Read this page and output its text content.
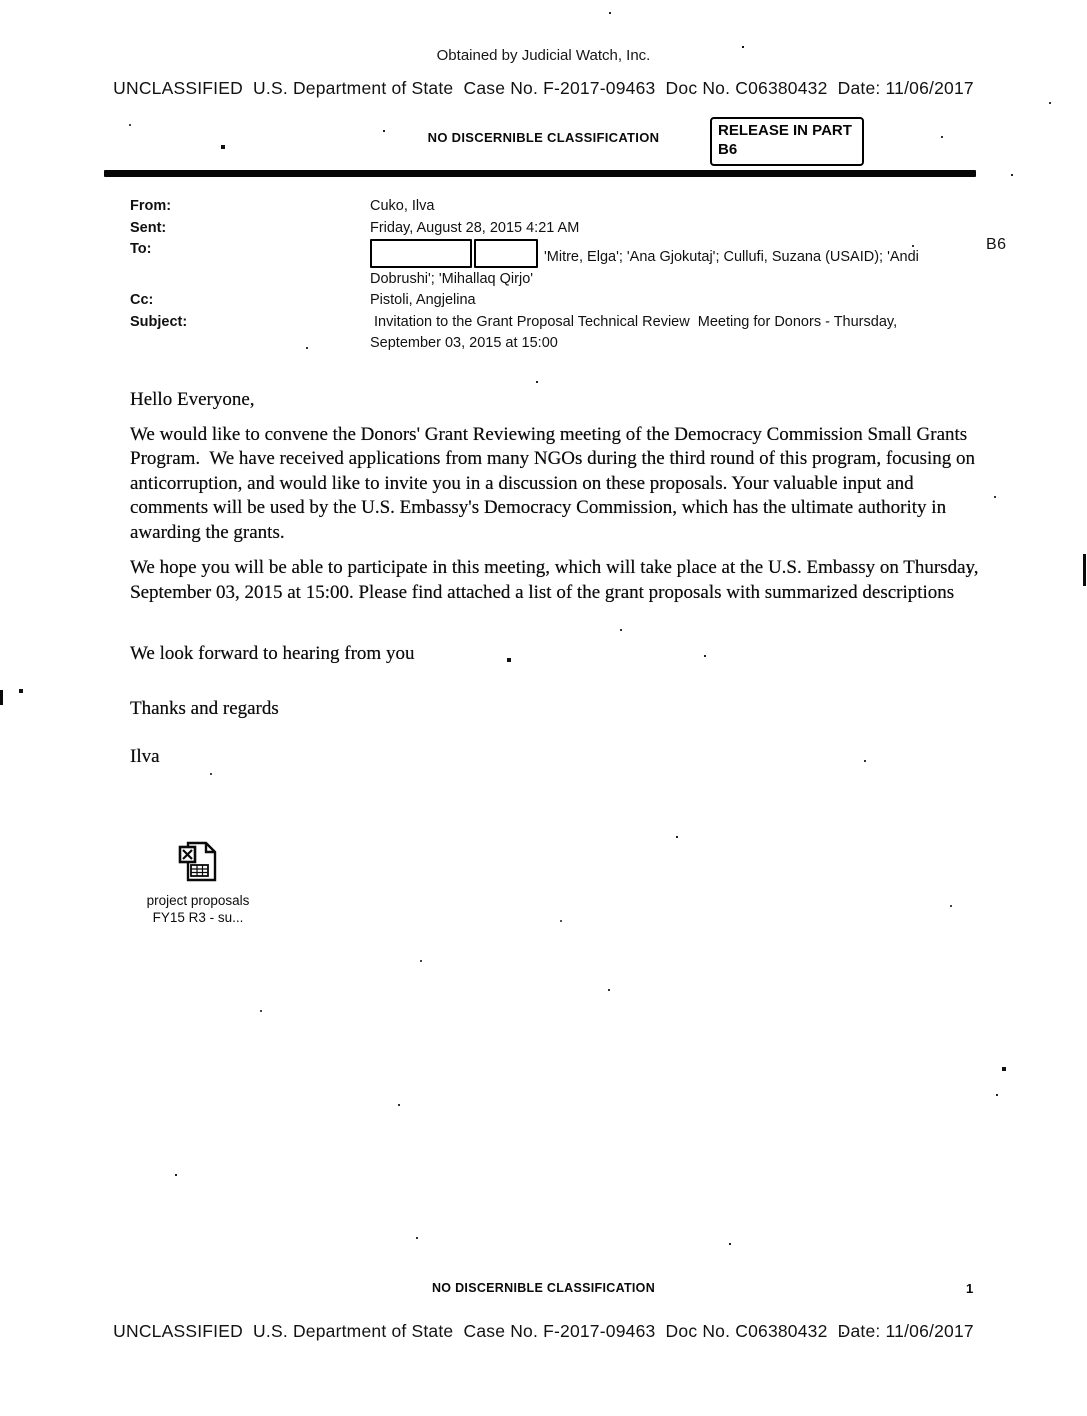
Obtained by Judicial Watch, Inc.
UNCLASSIFIED  U.S. Department of State  Case No. F-2017-09463  Doc No. C06380432  Date: 11/06/2017
NO DISCERNIBLE CLASSIFICATION	RELEASE IN PART
B6
From:	Cuko, Ilva
Sent:	Friday, August 28, 2015 4:21 AM
To:	'Mitre, Elga'; 'Ana Gjokutaj'; Cullufi, Suzana (USAID); 'Andi
Dobrushi'; 'Mihallaq Qirjo'
Cc:	Pistoli, Angjelina
Subject:	Invitation to the Grant Proposal Technical Review  Meeting for Donors - Thursday,
September 03, 2015 at 15:00
B6

Hello Everyone,

We would like to convene the Donors' Grant Reviewing meeting of the Democracy Commission Small Grants Program.  We have received applications from many NGOs during the third round of this program, focusing on anticorruption, and would like to invite you in a discussion on these proposals. Your valuable input and comments will be used by the U.S. Embassy's Democracy Commission, which has the ultimate authority in awarding the grants.

We hope you will be able to participate in this meeting, which will take place at the U.S. Embassy on Thursday, September 03, 2015 at 15:00. Please find attached a list of the grant proposals with summarized descriptions

We look forward to hearing from you

Thanks and regards

Ilva

project proposals
FY15 R3 - su...
NO DISCERNIBLE CLASSIFICATION	1
UNCLASSIFIED  U.S. Department of State  Case No. F-2017-09463  Doc No. C06380432  Date: 11/06/2017
